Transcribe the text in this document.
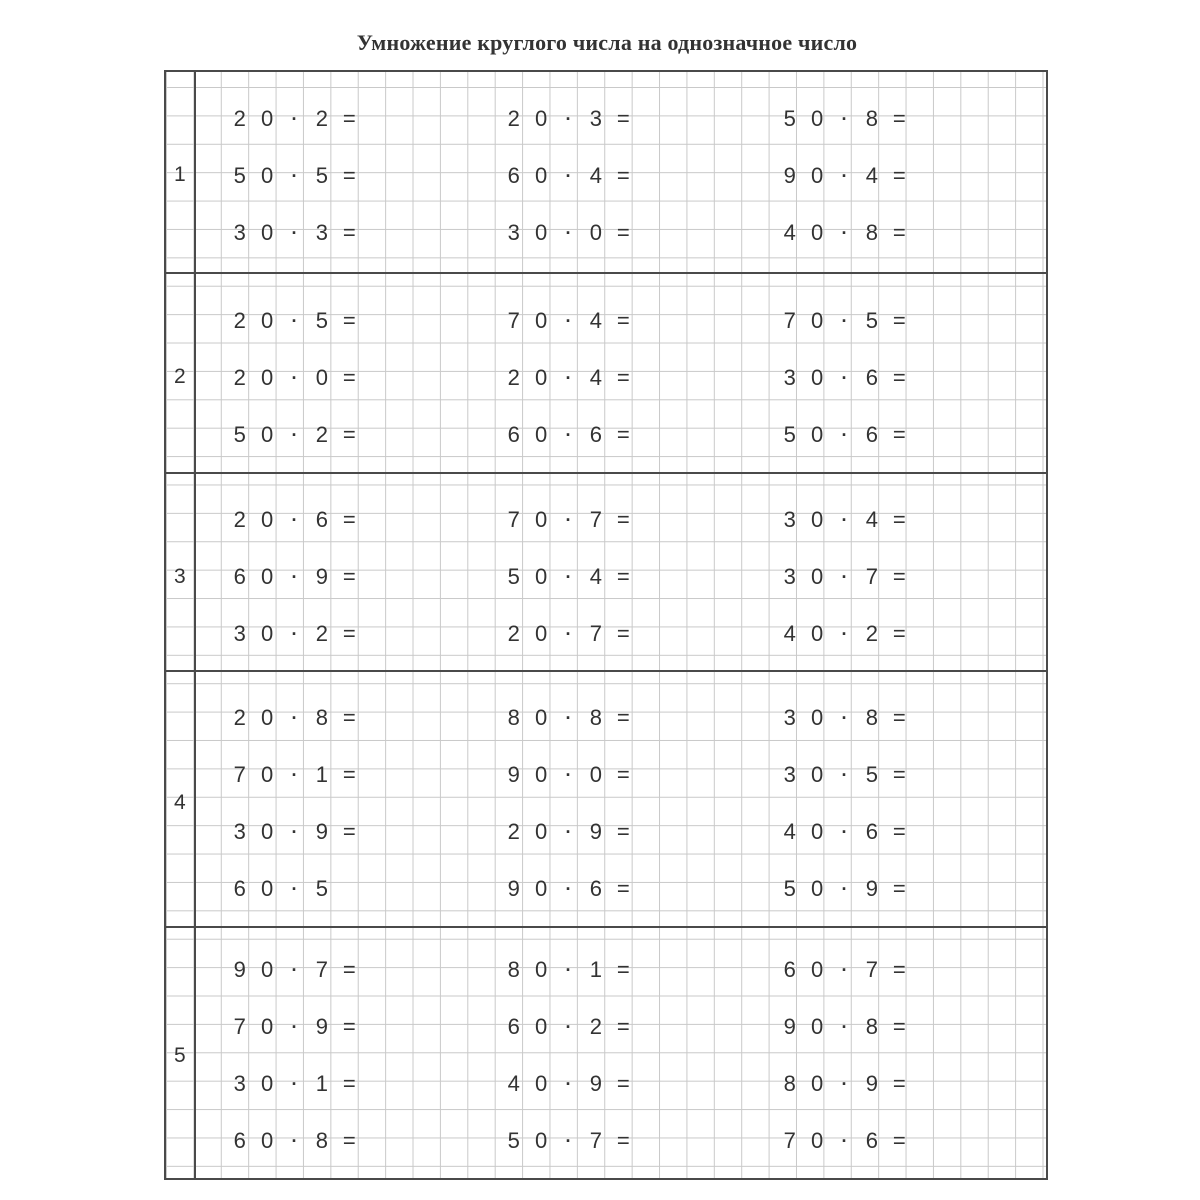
Умножение круглого числа на однозначное число
1
2 0	· 2 =	2 0	· 3 =	5 0	· 8 =
5 0	· 5 =	6 0	· 4 =	9 0	· 4 =
3 0	· 3 =	3 0	· 0 =	4 0	· 8 =
2
2 0	· 5 =	7 0	· 4 =	7 0	· 5 =
2 0	· 0 =	2 0	· 4 =	3 0	· 6 =
5 0	· 2 =	6 0	· 6 =	5 0	· 6 =
3
2 0	· 6 =	7 0	· 7 =	3 0	· 4 =
6 0	· 9 =	5 0	· 4 =	3 0	· 7 =
3 0	· 2 =	2 0	· 7 =	4 0	· 2 =
4
2 0	· 8 =	8 0	· 8 =	3 0	· 8 =
7 0	· 1 =	9 0	· 0 =	3 0	· 5 =
3 0	· 9 =	2 0	· 9 =	4 0	· 6 =
6 0	· 5	9 0	· 6 =	5 0	· 9 =
5
9 0	· 7 =	8 0	· 1 =	6 0	· 7 =
7 0	· 9 =	6 0	· 2 =	9 0	· 8 =
3 0	· 1 =	4 0	· 9 =	8 0	· 9 =
6 0	· 8 =	5 0	· 7 =	7 0	· 6 =
